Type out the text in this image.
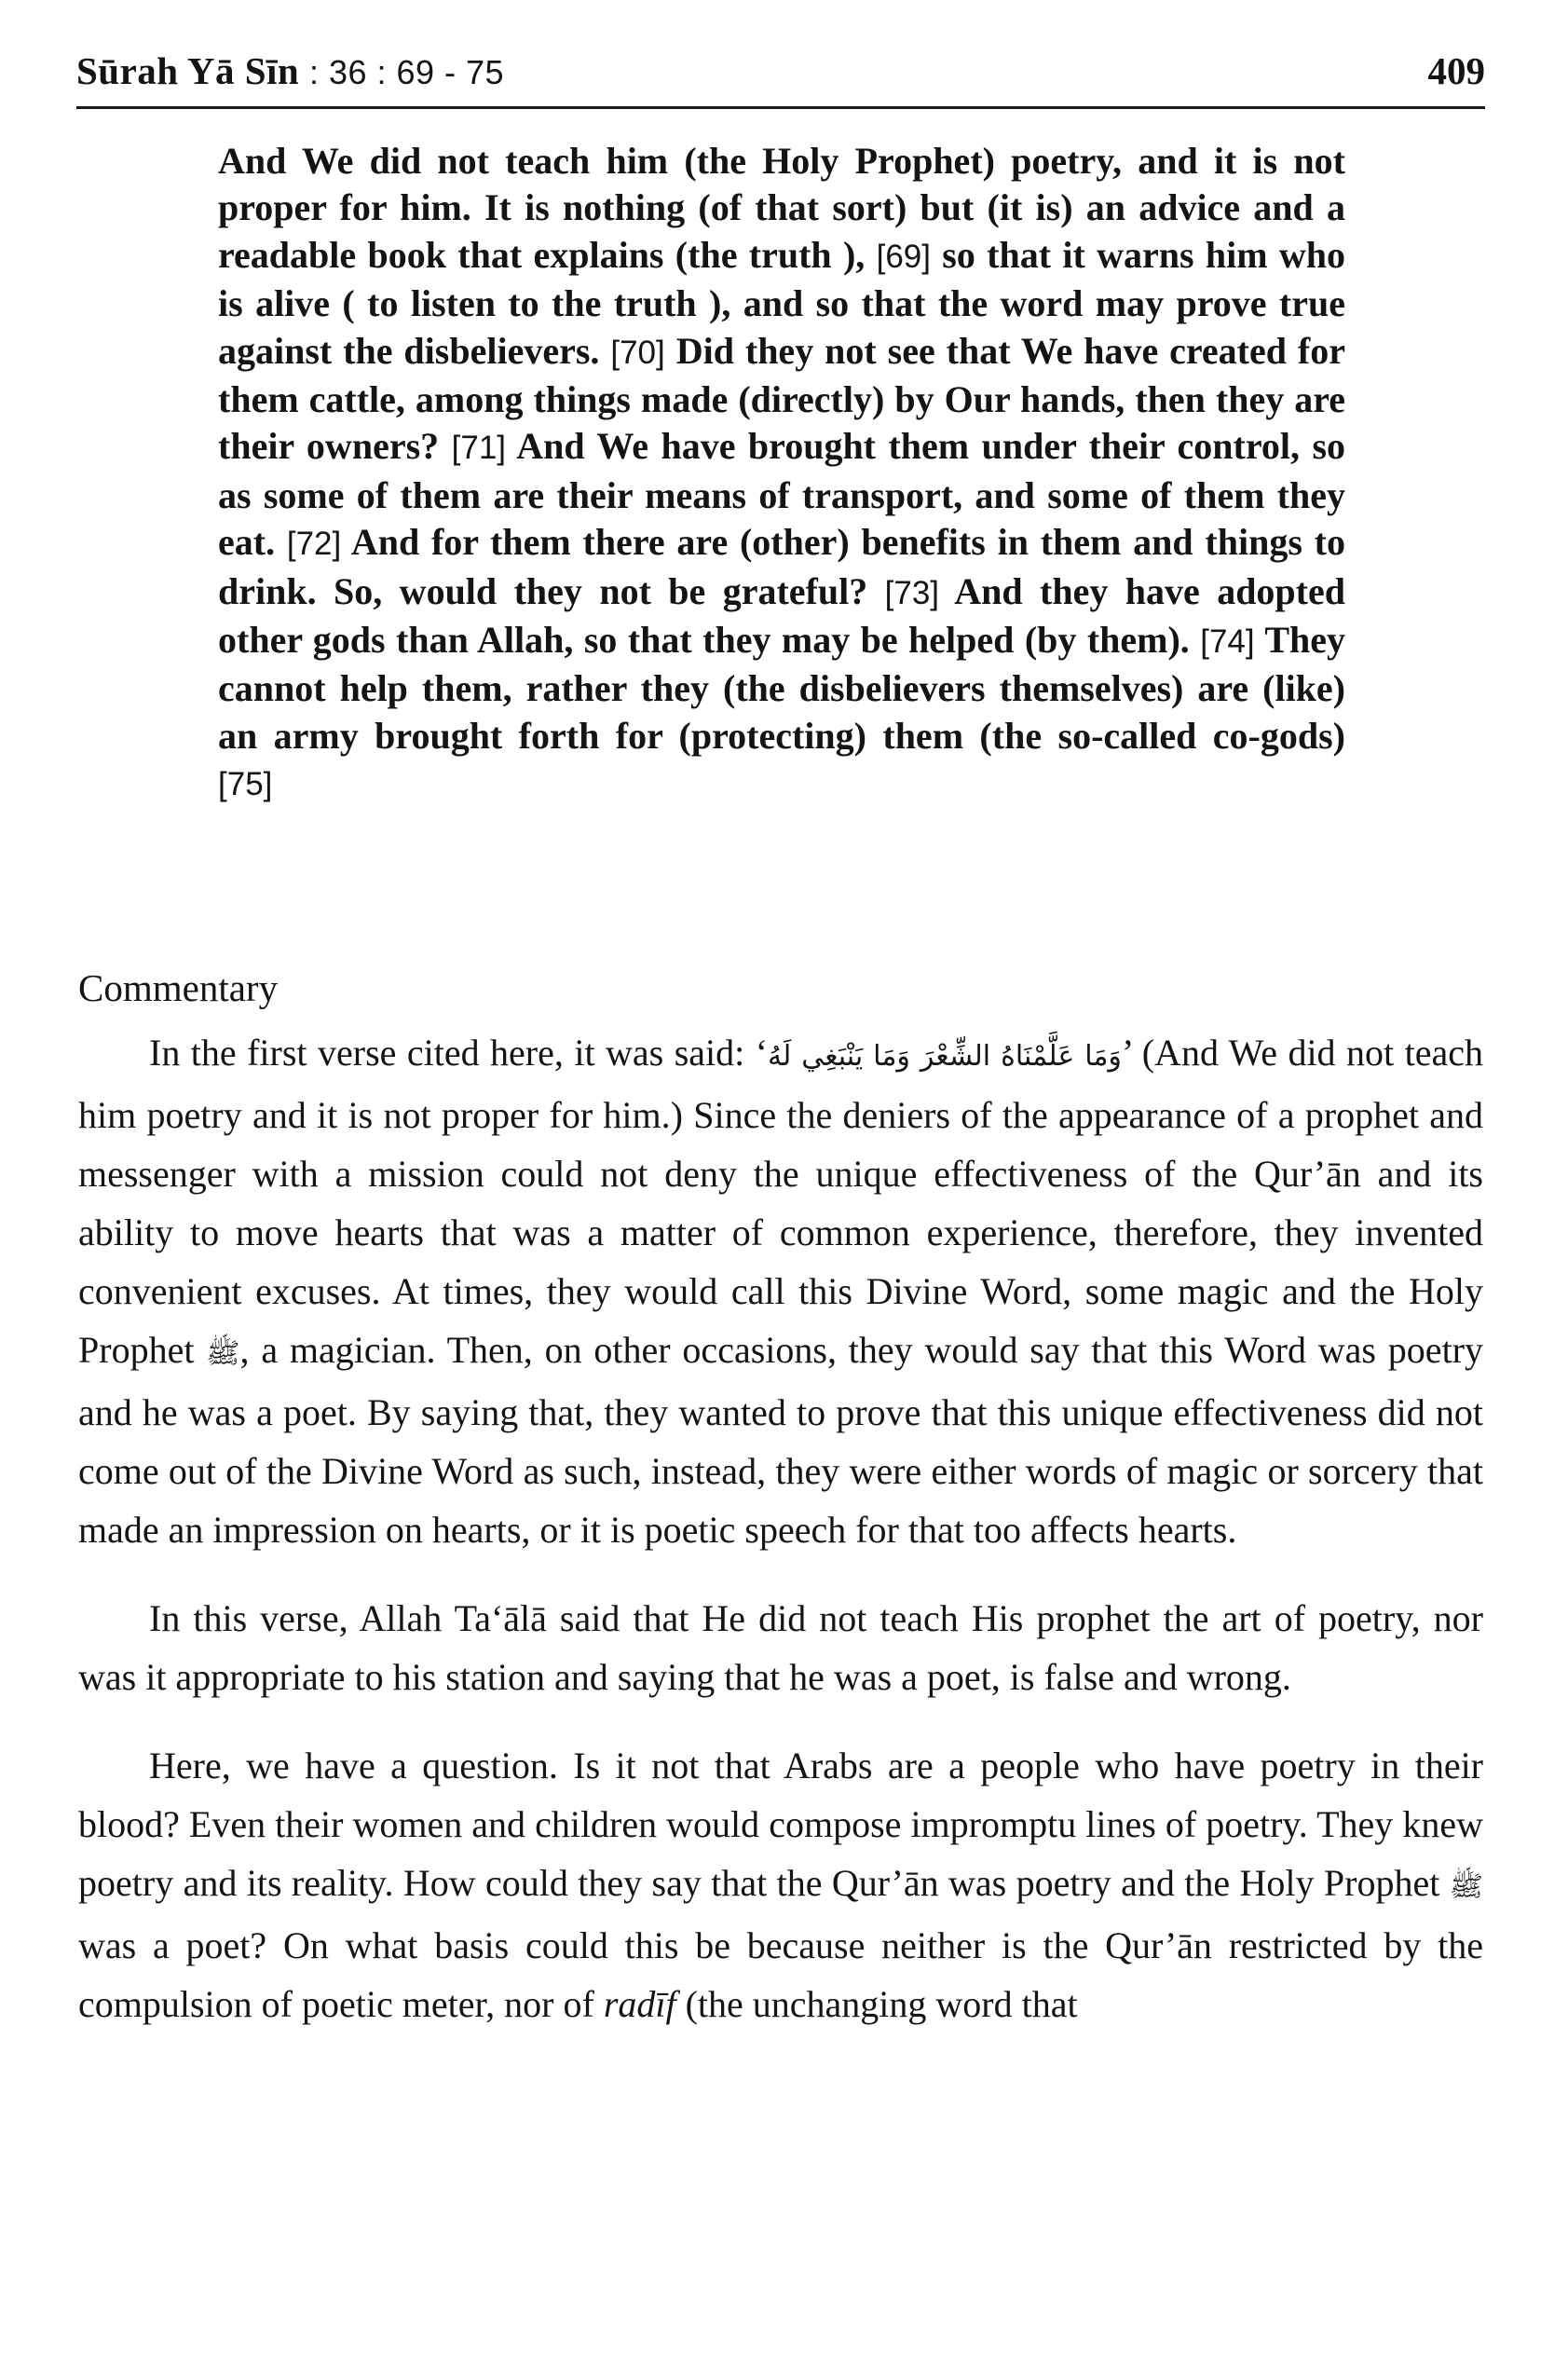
Sūrah Yā Sīn : 36 : 69 - 75	409

And We did not teach him (the Holy Prophet) poetry, and it is not proper for him. It is nothing (of that sort) but (it is) an advice and a readable book that explains (the truth ), [69] so that it warns him who is alive ( to listen to the truth ), and so that the word may prove true against the disbelievers. [70] Did they not see that We have created for them cattle, among things made (directly) by Our hands, then they are their owners? [71] And We have brought them under their control, so as some of them are their means of transport, and some of them they eat. [72] And for them there are (other) benefits in them and things to drink. So, would they not be grateful? [73] And they have adopted other gods than Allah, so that they may be helped (by them). [74] They cannot help them, rather they (the disbelievers themselves) are (like) an army brought forth for (protecting) them (the so-called co-gods) [75]

Commentary

In the first verse cited here, it was said: ‘وَمَا عَلَّمْنَاهُ الشِّعْرَ وَمَا يَنْبَغِي لَهُ’ (And We did not teach him poetry and it is not proper for him.) Since the deniers of the appearance of a prophet and messenger with a mission could not deny the unique effectiveness of the Qur’ān and its ability to move hearts that was a matter of common experience, therefore, they invented convenient excuses. At times, they would call this Divine Word, some magic and the Holy Prophet ﷺ, a magician. Then, on other occasions, they would say that this Word was poetry and he was a poet. By saying that, they wanted to prove that this unique effectiveness did not come out of the Divine Word as such, instead, they were either words of magic or sorcery that made an impression on hearts, or it is poetic speech for that too affects hearts.

In this verse, Allah Ta‘ālā said that He did not teach His prophet the art of poetry, nor was it appropriate to his station and saying that he was a poet, is false and wrong.

Here, we have a question. Is it not that Arabs are a people who have poetry in their blood? Even their women and children would compose impromptu lines of poetry. They knew poetry and its reality. How could they say that the Qur’ān was poetry and the Holy Prophet ﷺ was a poet? On what basis could this be because neither is the Qur’ān restricted by the compulsion of poetic meter, nor of radīf (the unchanging word that
